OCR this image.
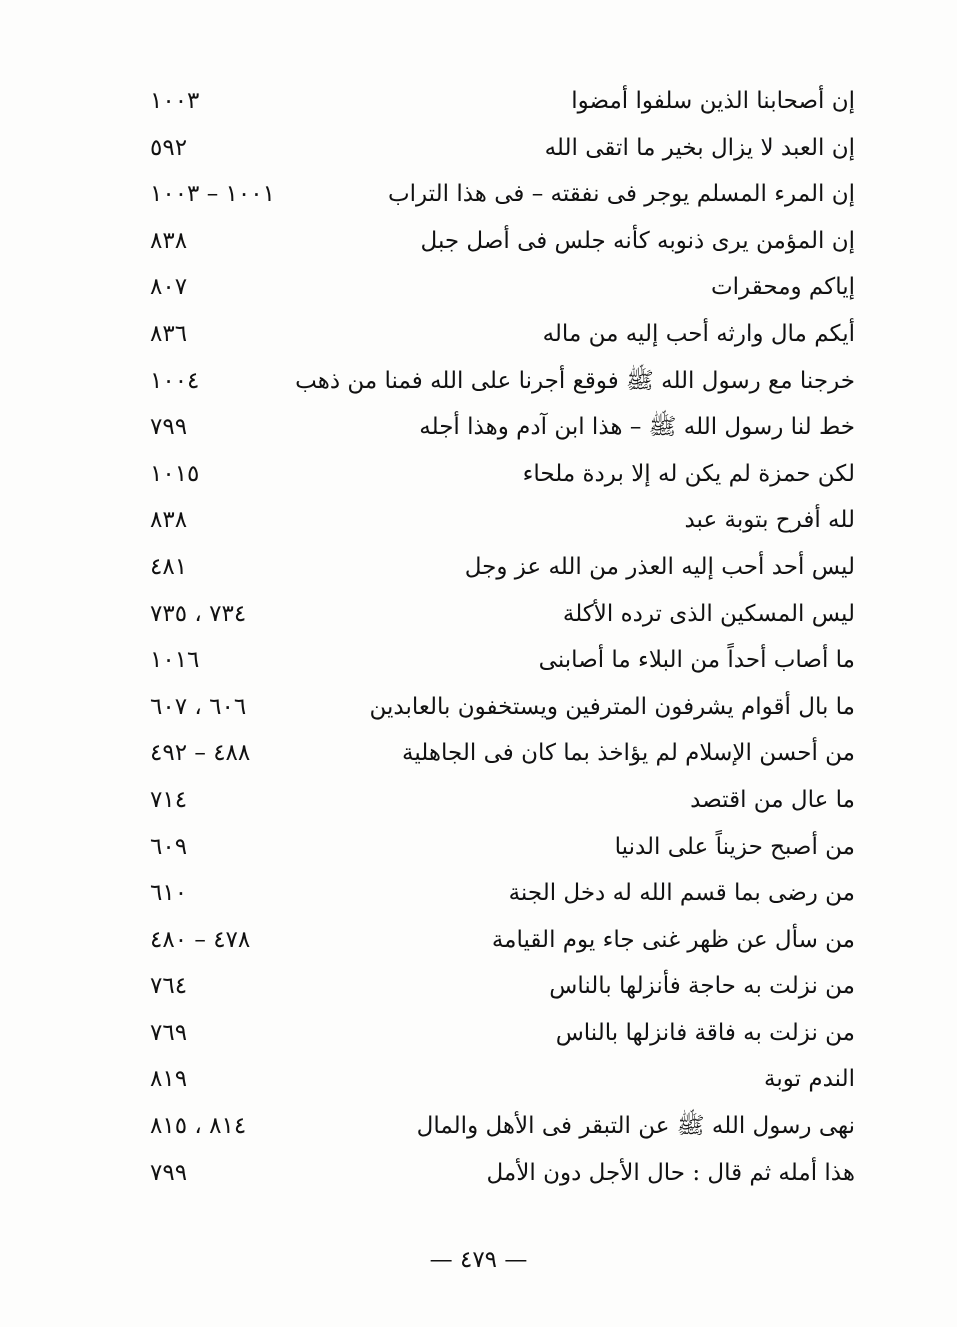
إن أصحابنا الذين سلفوا أمضوا
١٠٠٣
إن العبد لا يزال بخير ما اتقى الله
٥٩٢
إن المرء المسلم يوجر فى نفقته – فى هذا التراب
١٠٠١ – ١٠٠٣
إن المؤمن يرى ذنوبه كأنه جلس فى أصل جبل
٨٣٨
إياكم ومحقرات
٨٠٧
أيكم مال وارثه أحب إليه من ماله
٨٣٦
خرجنا مع رسول الله ﷺ فوقع أجرنا على الله فمنا من ذهب
١٠٠٤
خط لنا رسول الله ﷺ – هذا ابن آدم وهذا أجله
٧٩٩
لكن حمزة لم يكن له إلا بردة ملحاء
١٠١٥
لله أفرح بتوبة عبد
٨٣٨
ليس أحد أحب إليه العذر من الله عز وجل
٤٨١
ليس المسكين الذى ترده الأكلة
٧٣٤ ، ٧٣٥
ما أصاب أحداً من البلاء ما أصابنى
١٠١٦
ما بال أقوام يشرفون المترفين ويستخفون بالعابدين
٦٠٦ ، ٦٠٧
من أحسن الإسلام لم يؤاخذ بما كان فى الجاهلية
٤٨٨ – ٤٩٢
ما عال من اقتصد
٧١٤
من أصبح حزيناً على الدنيا
٦٠٩
من رضى بما قسم الله له دخل الجنة
٦١٠
من سأل عن ظهر غنى جاء يوم القيامة
٤٧٨ – ٤٨٠
من نزلت به حاجة فأنزلها بالناس
٧٦٤
من نزلت به فاقة فانزلها بالناس
٧٦٩
الندم توبة
٨١٩
نهى رسول الله ﷺ عن التبقر فى الأهل والمال
٨١٤ ، ٨١٥
هذا أمله ثم قال : حال الأجل دون الأمل
٧٩٩
— ٤٧٩ —
